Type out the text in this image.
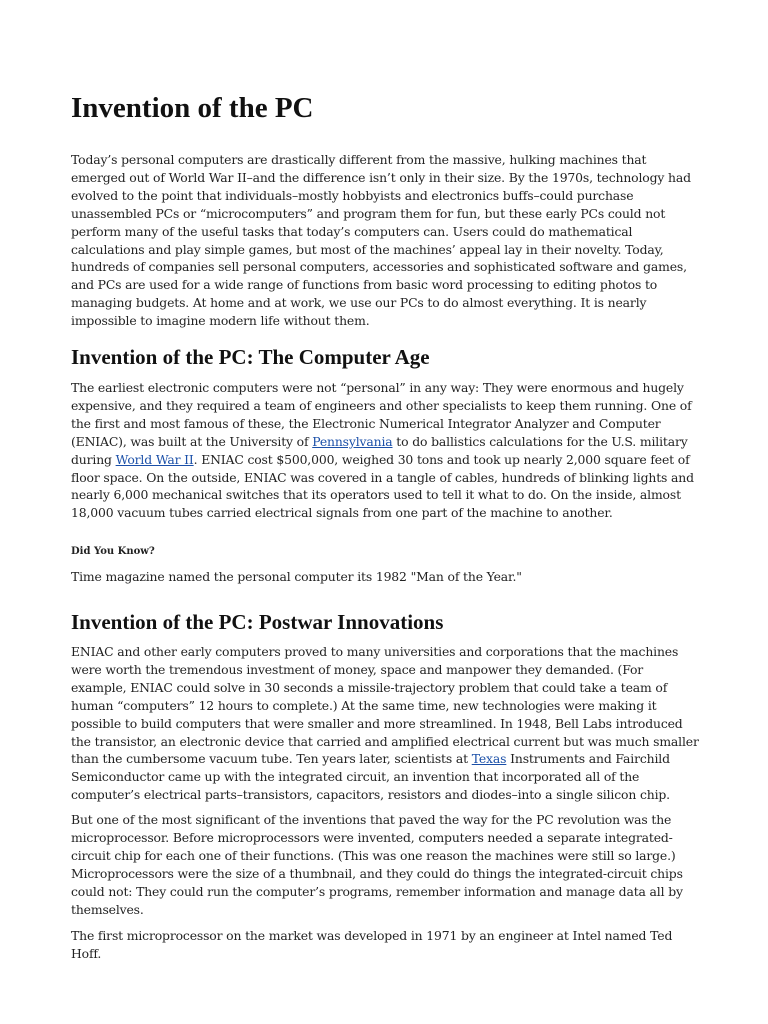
Invention of the PC

Today’s personal computers are drastically different from the massive, hulking machines that emerged out of World War II–and the difference isn’t only in their size. By the 1970s, technology had evolved to the point that individuals–mostly hobbyists and electronics buffs–could purchase unassembled PCs or “microcomputers” and program them for fun, but these early PCs could not perform many of the useful tasks that today’s computers can. Users could do mathematical calculations and play simple games, but most of the machines’ appeal lay in their novelty. Today, hundreds of companies sell personal computers, accessories and sophisticated software and games, and PCs are used for a wide range of functions from basic word processing to editing photos to managing budgets. At home and at work, we use our PCs to do almost everything. It is nearly impossible to imagine modern life without them.

Invention of the PC: The Computer Age

The earliest electronic computers were not “personal” in any way: They were enormous and hugely expensive, and they required a team of engineers and other specialists to keep them running. One of the first and most famous of these, the Electronic Numerical Integrator Analyzer and Computer (ENIAC), was built at the University of Pennsylvania to do ballistics calculations for the U.S. military during World War II. ENIAC cost $500,000, weighed 30 tons and took up nearly 2,000 square feet of floor space. On the outside, ENIAC was covered in a tangle of cables, hundreds of blinking lights and nearly 6,000 mechanical switches that its operators used to tell it what to do. On the inside, almost 18,000 vacuum tubes carried electrical signals from one part of the machine to another.

Did You Know?

Time magazine named the personal computer its 1982 "Man of the Year."

Invention of the PC: Postwar Innovations

ENIAC and other early computers proved to many universities and corporations that the machines were worth the tremendous investment of money, space and manpower they demanded. (For example, ENIAC could solve in 30 seconds a missile-trajectory problem that could take a team of human “computers” 12 hours to complete.) At the same time, new technologies were making it possible to build computers that were smaller and more streamlined. In 1948, Bell Labs introduced the transistor, an electronic device that carried and amplified electrical current but was much smaller than the cumbersome vacuum tube. Ten years later, scientists at Texas Instruments and Fairchild Semiconductor came up with the integrated circuit, an invention that incorporated all of the computer’s electrical parts–transistors, capacitors, resistors and diodes–into a single silicon chip.

But one of the most significant of the inventions that paved the way for the PC revolution was the microprocessor. Before microprocessors were invented, computers needed a separate integrated-circuit chip for each one of their functions. (This was one reason the machines were still so large.) Microprocessors were the size of a thumbnail, and they could do things the integrated-circuit chips could not: They could run the computer’s programs, remember information and manage data all by themselves.

The first microprocessor on the market was developed in 1971 by an engineer at Intel named Ted Hoff.
